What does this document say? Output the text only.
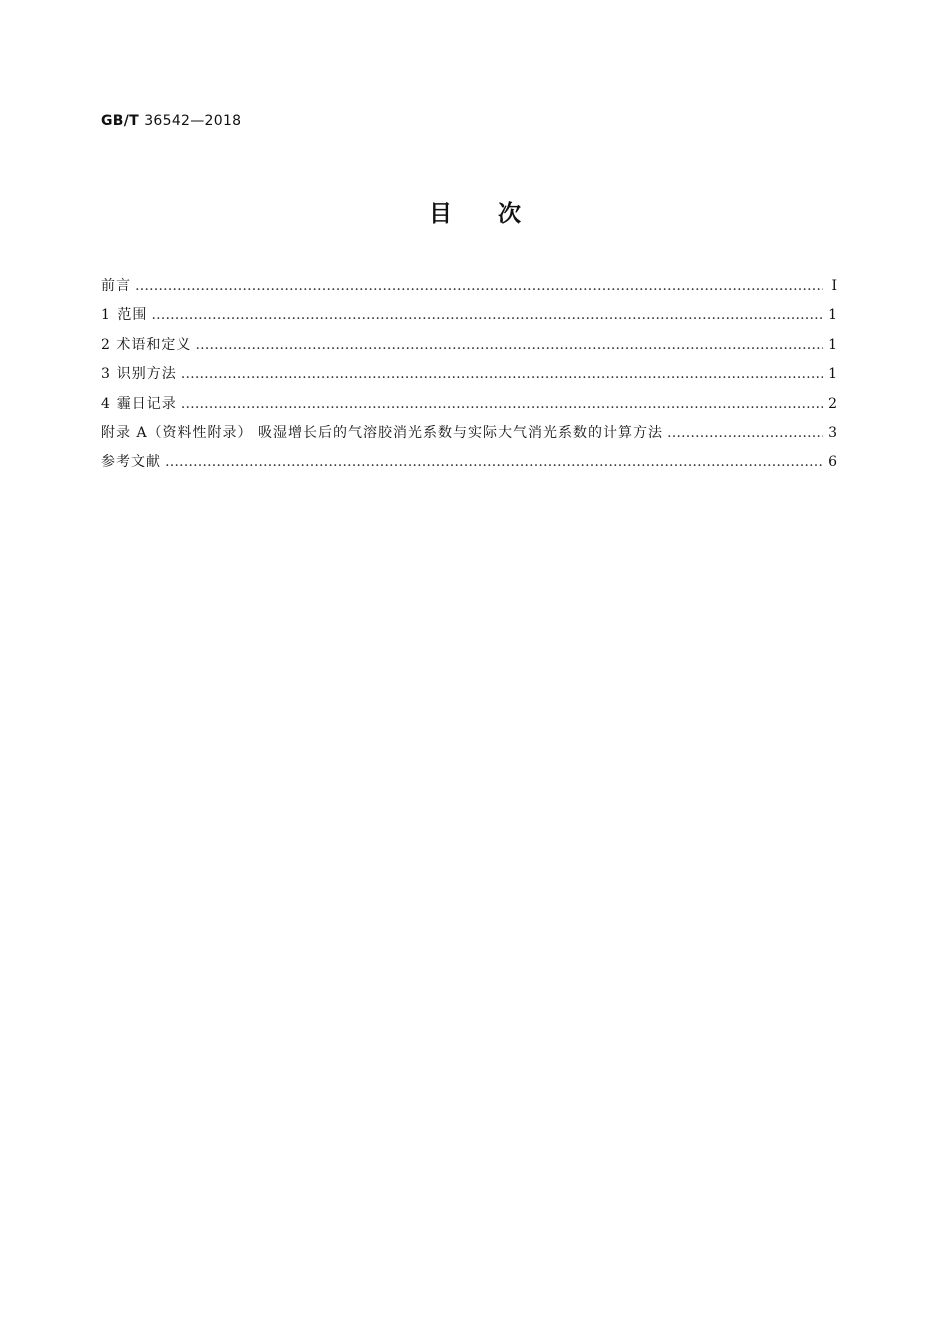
GB/T 36542—2018
目次
前言 …………………………………………………………………………………………………………………………………………………………………………………………………………	Ⅰ
1 范围 …………………………………………………………………………………………………………………………………………………………………………………………………………	1
2 术语和定义 …………………………………………………………………………………………………………………………………………………………………………………………………………	1
3 识别方法 …………………………………………………………………………………………………………………………………………………………………………………………………………	1
4 霾日记录 …………………………………………………………………………………………………………………………………………………………………………………………………………	2
附录 A（资料性附录） 吸湿增长后的气溶胶消光系数与实际大气消光系数的计算方法 …………………………………………………………………………………………………………………………………………………………………………………………………………	3
参考文献 …………………………………………………………………………………………………………………………………………………………………………………………………………	6
